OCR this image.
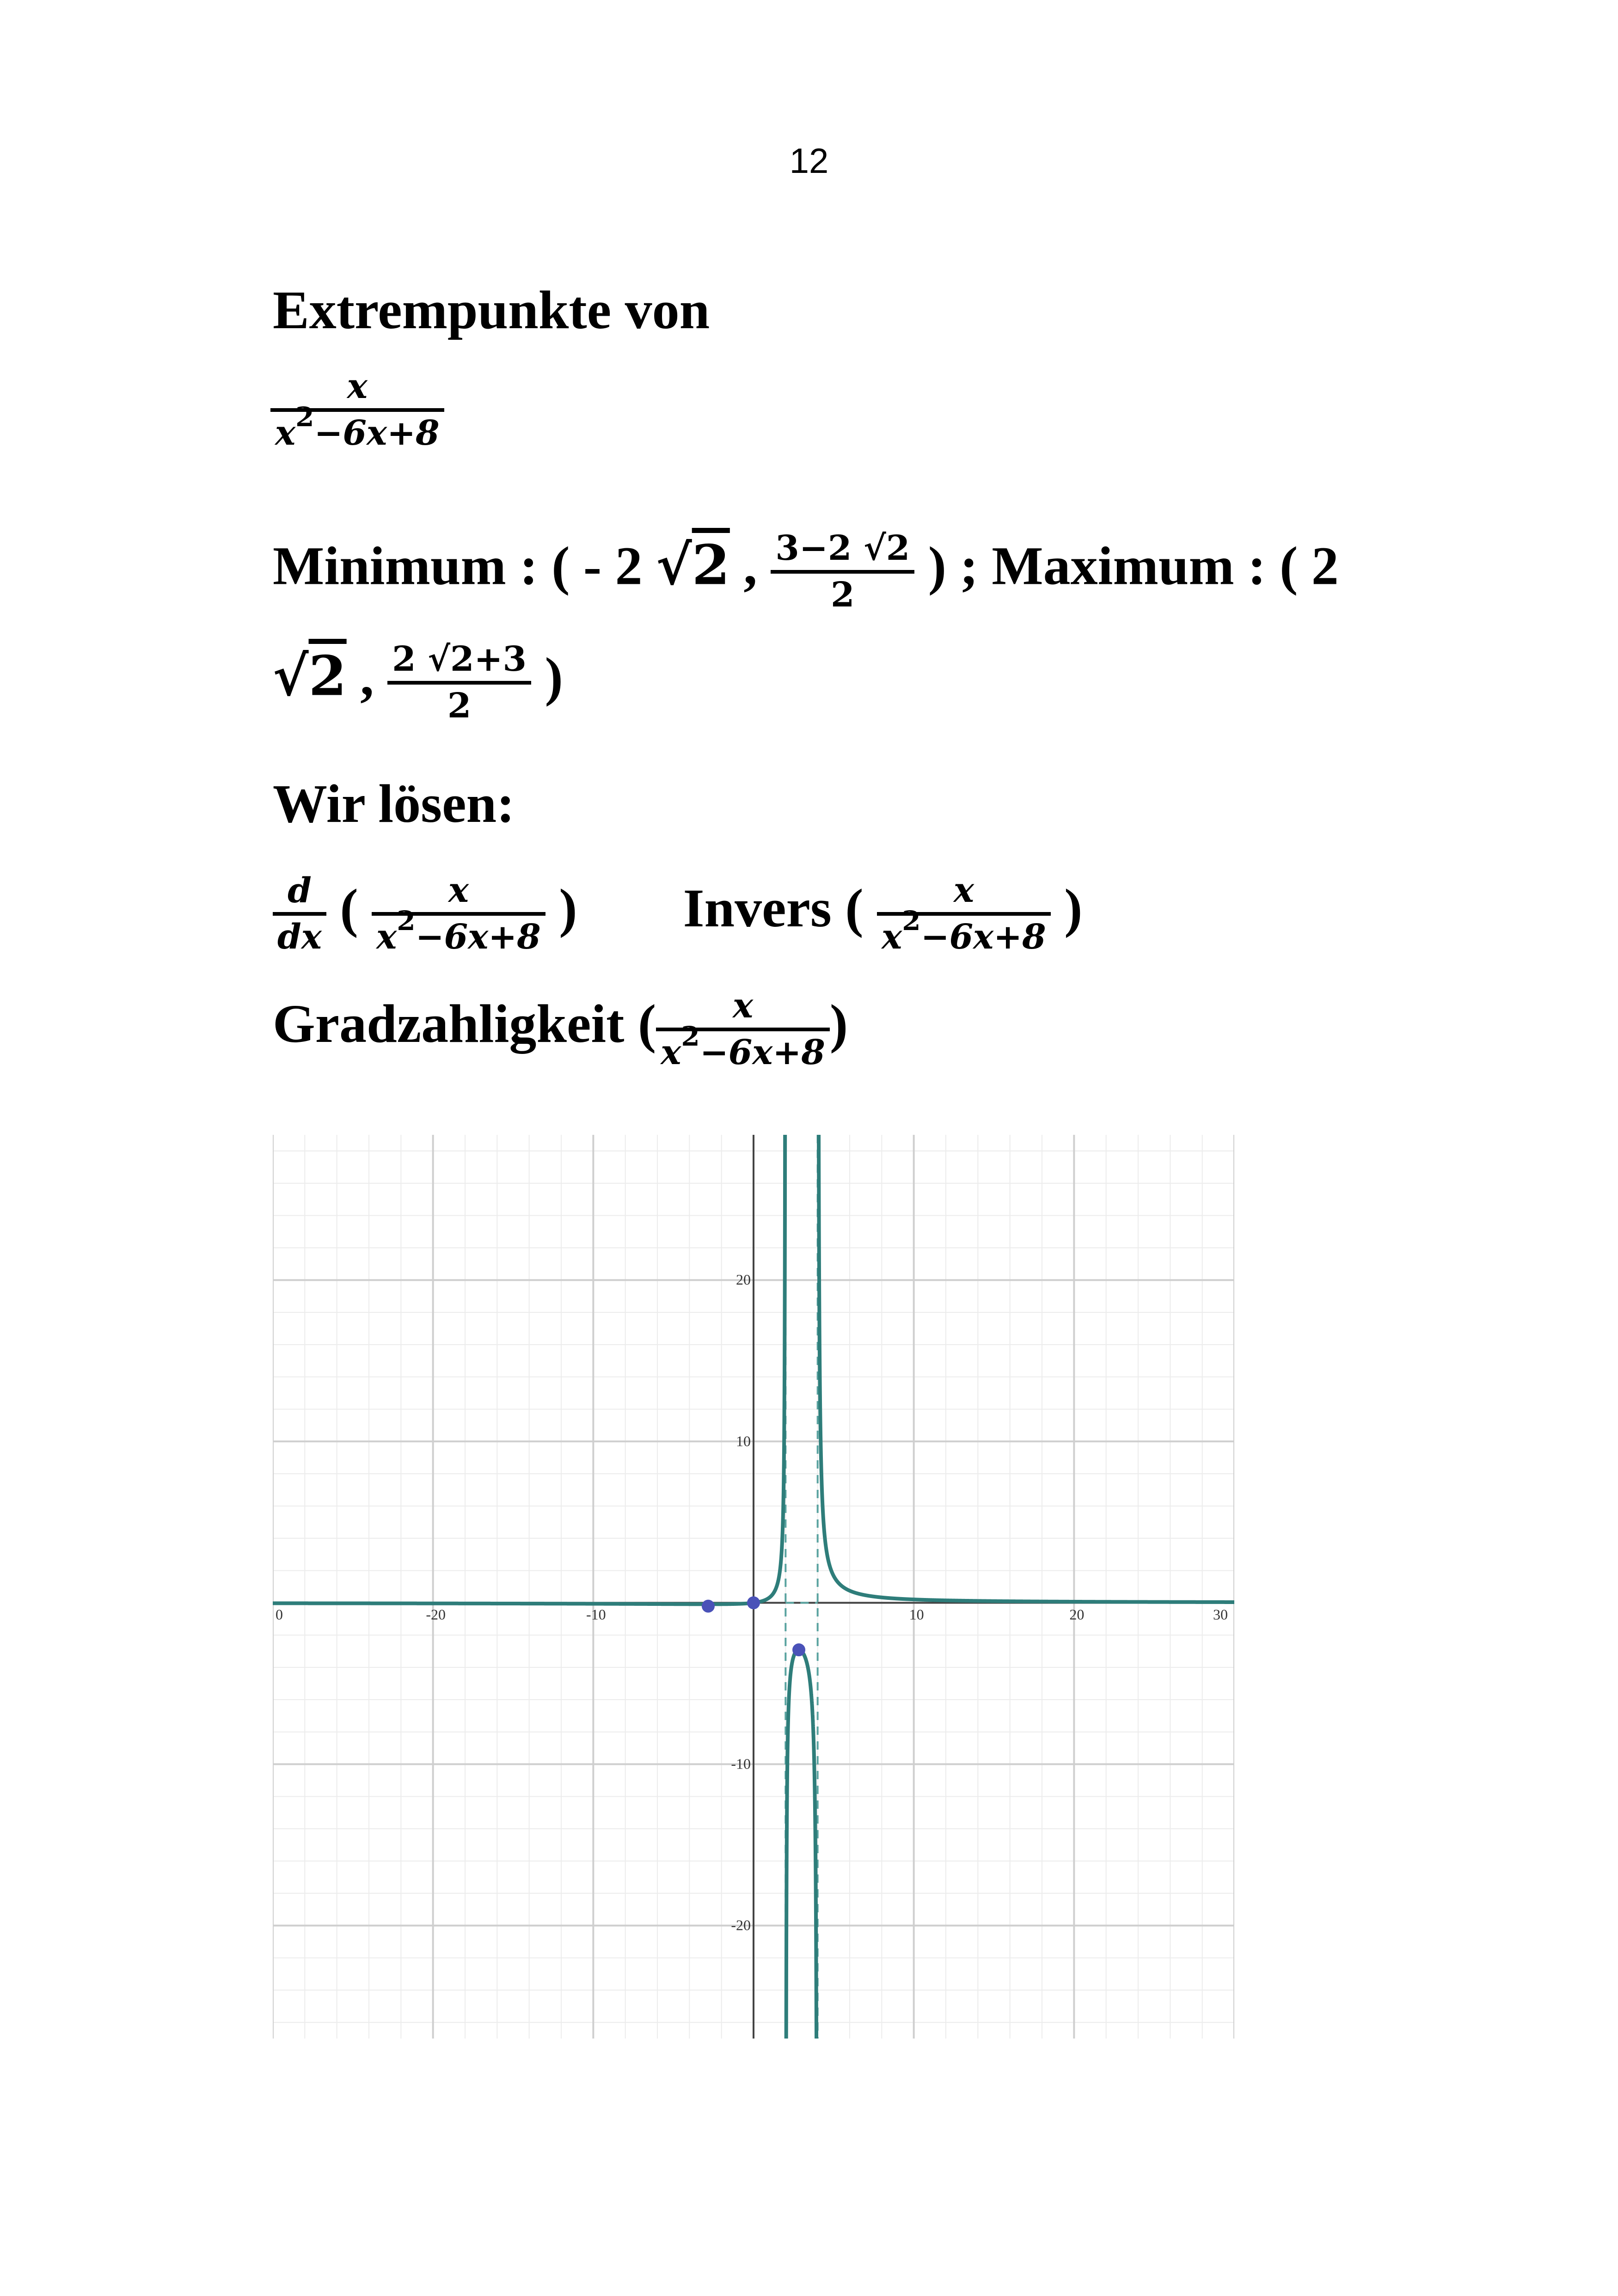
12
Extrempunkte von
$\frac{x}{x^2-6x+8}$
Minimum : ( - 2 √2 , $\frac{3-2 √2}{2}$ ) ; Maximum : ( 2
√2 , $\frac{2 √2+3}{2}$ )
Wir lösen:
$\frac{d}{dx}$ ( $\frac{x}{x^2-6x+8}$ ) Invers ( $\frac{x}{x^2-6x+8}$ )
Gradzahligkeit ( $\frac{x}{x^2-6x+8}$ )
0	-20	-10	10	20	30
20
10
-10
-20
